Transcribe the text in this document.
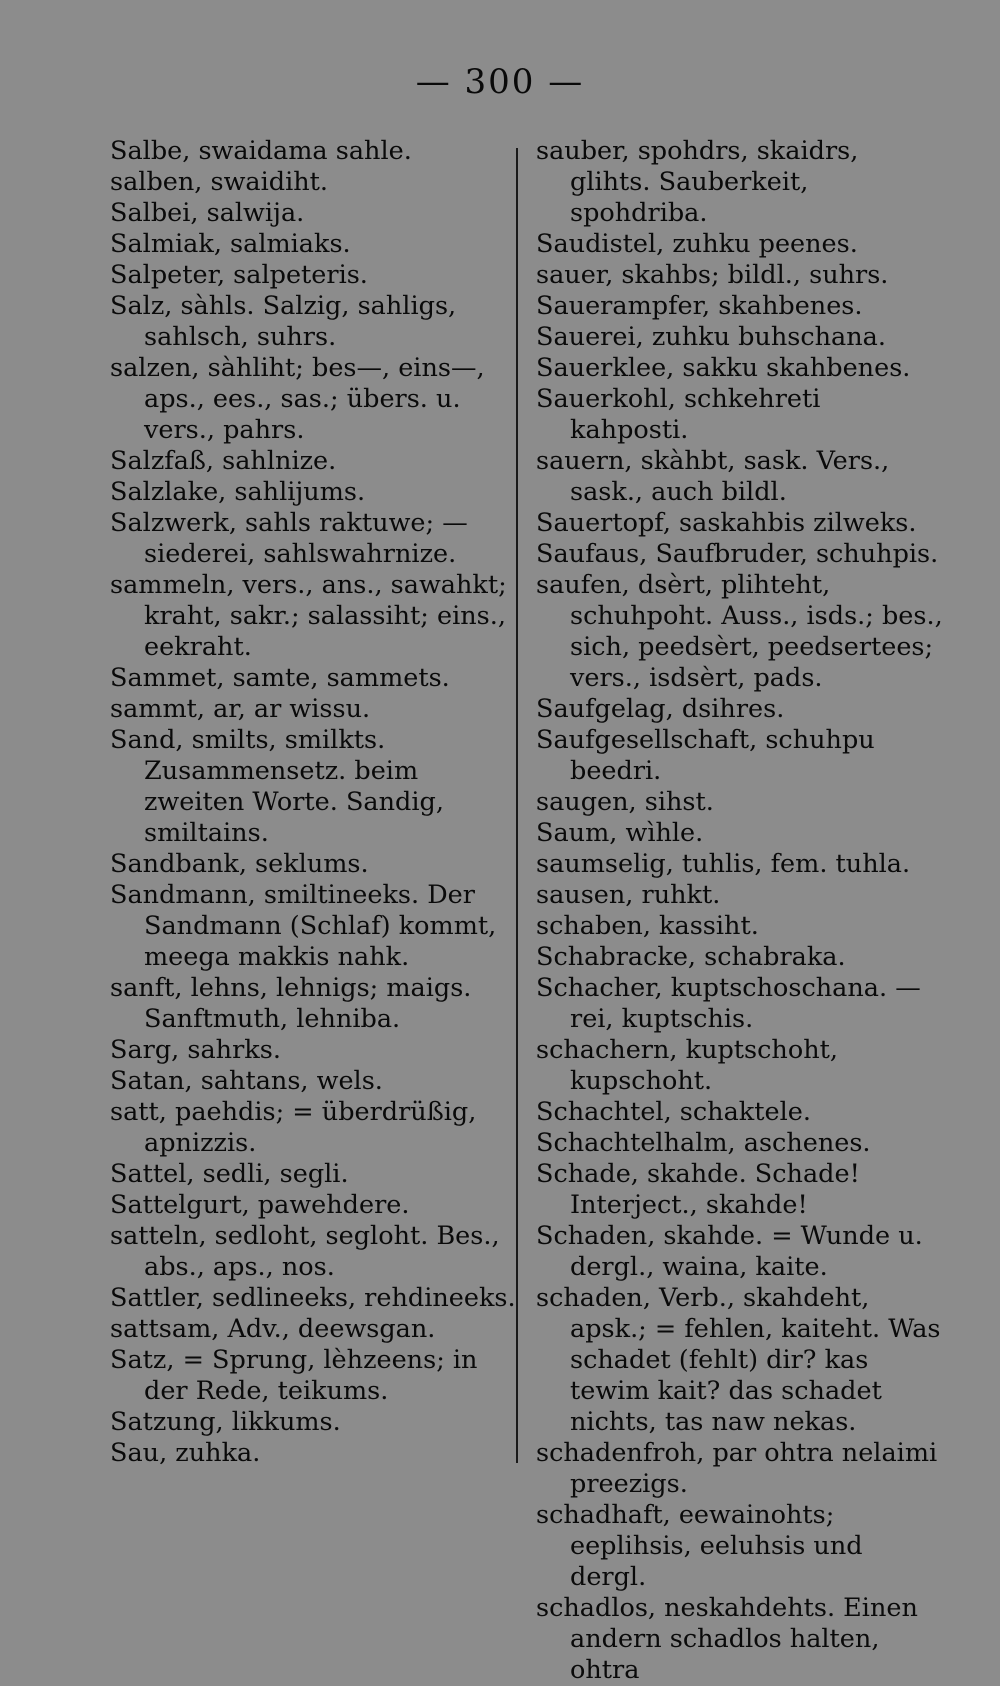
— 300 —

Salbe, swaidama sahle.

salben, swaidiht.

Salbei, salwija.

Salmiak, salmiaks.

Salpeter, salpeteris.

Salz, sàhls. Salzig, sahligs, sahlsch, suhrs.

salzen, sàhliht; bes—, eins—, aps., ees., sas.; übers. u. vers., pahrs.

Salzfaß, sahlnize.

Salzlake, sahlijums.

Salzwerk, sahls raktuwe; —siederei, sahlswahrnize.

sammeln, vers., ans., sawahkt; kraht, sakr.; salassiht; eins., eekraht.

Sammet, samte, sammets.

sammt, ar, ar wissu.

Sand, smilts, smilkts. Zusammensetz. beim zweiten Worte. Sandig, smiltains.

Sandbank, seklums.

Sandmann, smiltineeks. Der Sandmann (Schlaf) kommt, meega makkis nahk.

sanft, lehns, lehnigs; maigs. Sanftmuth, lehniba.

Sarg, sahrks.

Satan, sahtans, wels.

satt, paehdis; = überdrüßig, apnizzis.

Sattel, sedli, segli.

Sattelgurt, pawehdere.

satteln, sedloht, segloht. Bes., abs., aps., nos.

Sattler, sedlineeks, rehdineeks.

sattsam, Adv., deewsgan.

Satz, = Sprung, lèhzeens; in der Rede, teikums.

Satzung, likkums.

Sau, zuhka.

sauber, spohdrs, skaidrs, glihts. Sauberkeit, spohdriba.

Saudistel, zuhku peenes.

sauer, skahbs; bildl., suhrs.

Sauerampfer, skahbenes.

Sauerei, zuhku buhschana.

Sauerklee, sakku skahbenes.

Sauerkohl, schkehreti kahposti.

sauern, skàhbt, sask. Vers., sask., auch bildl.

Sauertopf, saskahbis zilweks.

Saufaus, Saufbruder, schuhpis.

saufen, dsèrt, plihteht, schuhpoht. Auss., isds.; bes., sich, peedsèrt, peedsertees; vers., isdsèrt, pads.

Saufgelag, dsihres.

Saufgesellschaft, schuhpu beedri.

saugen, sihst.

Saum, wìhle.

saumselig, tuhlis, fem. tuhla.

sausen, ruhkt.

schaben, kassiht.

Schabracke, schabraka.

Schacher, kuptschoschana. —rei, kuptschis.

schachern, kuptschoht, kupschoht.

Schachtel, schaktele.

Schachtelhalm, aschenes.

Schade, skahde. Schade! Interject., skahde!

Schaden, skahde. = Wunde u. dergl., waina, kaite.

schaden, Verb., skahdeht, apsk.; = fehlen, kaiteht. Was schadet (fehlt) dir? kas tewim kait? das schadet nichts, tas naw nekas.

schadenfroh, par ohtra nelaimi preezigs.

schadhaft, eewainohts; eeplihsis, eeluhsis und dergl.

schadlos, neskahdehts. Einen andern schadlos halten, ohtra
